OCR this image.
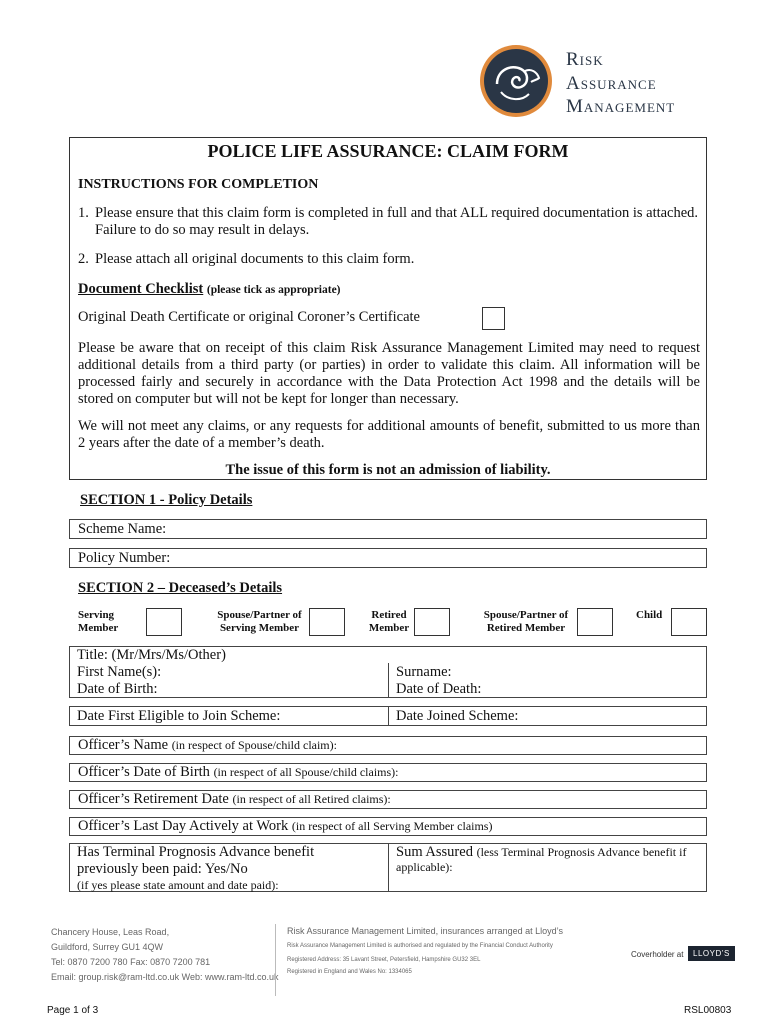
Risk
Assurance
Management
POLICE LIFE ASSURANCE: CLAIM FORM
INSTRUCTIONS FOR COMPLETION
1. Please ensure that this claim form is completed in full and that ALL required documentation is attached. Failure to do so may result in delays.
2. Please attach all original documents to this claim form.
Document Checklist (please tick as appropriate)
Original Death Certificate or original Coroner’s Certificate
Please be aware that on receipt of this claim Risk Assurance Management Limited may need to request additional details from a third party (or parties) in order to validate this claim. All information will be processed fairly and securely in accordance with the Data Protection Act 1998 and the details will be stored on computer but will not be kept for longer than necessary.
We will not meet any claims, or any requests for additional amounts of benefit, submitted to us more than 2 years after the date of a member’s death.
The issue of this form is not an admission of liability.
SECTION 1 - Policy Details
Scheme Name:
Policy Number:
SECTION 2 – Deceased’s Details
Serving
Member
Spouse/Partner of
Serving Member
Retired
Member
Spouse/Partner of
Retired Member
Child
Title: (Mr/Mrs/Ms/Other)
First Name(s):	Surname:
Date of Birth:	Date of Death:
Date First Eligible to Join Scheme:	Date Joined Scheme:
Officer’s Name (in respect of Spouse/child claim):
Officer’s Date of Birth (in respect of all Spouse/child claims):
Officer’s Retirement Date (in respect of all Retired claims):
Officer’s Last Day Actively at Work (in respect of all Serving Member claims)
Has Terminal Prognosis Advance benefit
previously been paid: Yes/No
(if yes please state amount and date paid):
Sum Assured (less Terminal Prognosis Advance benefit if
applicable):
Chancery House, Leas Road,
Guildford, Surrey GU1 4QW
Tel: 0870 7200 780 Fax: 0870 7200 781
Email: group.risk@ram-ltd.co.uk Web: www.ram-ltd.co.uk
Risk Assurance Management Limited, insurances arranged at Lloyd’s
Risk Assurance Management Limited is authorised and regulated by the Financial Conduct Authority
Registered Address: 35 Lavant Street, Petersfield, Hampshire GU32 3EL
Registered in England and Wales No: 1334065
Coverholder at	LLOYD’S
Page 1 of 3	RSL00803
